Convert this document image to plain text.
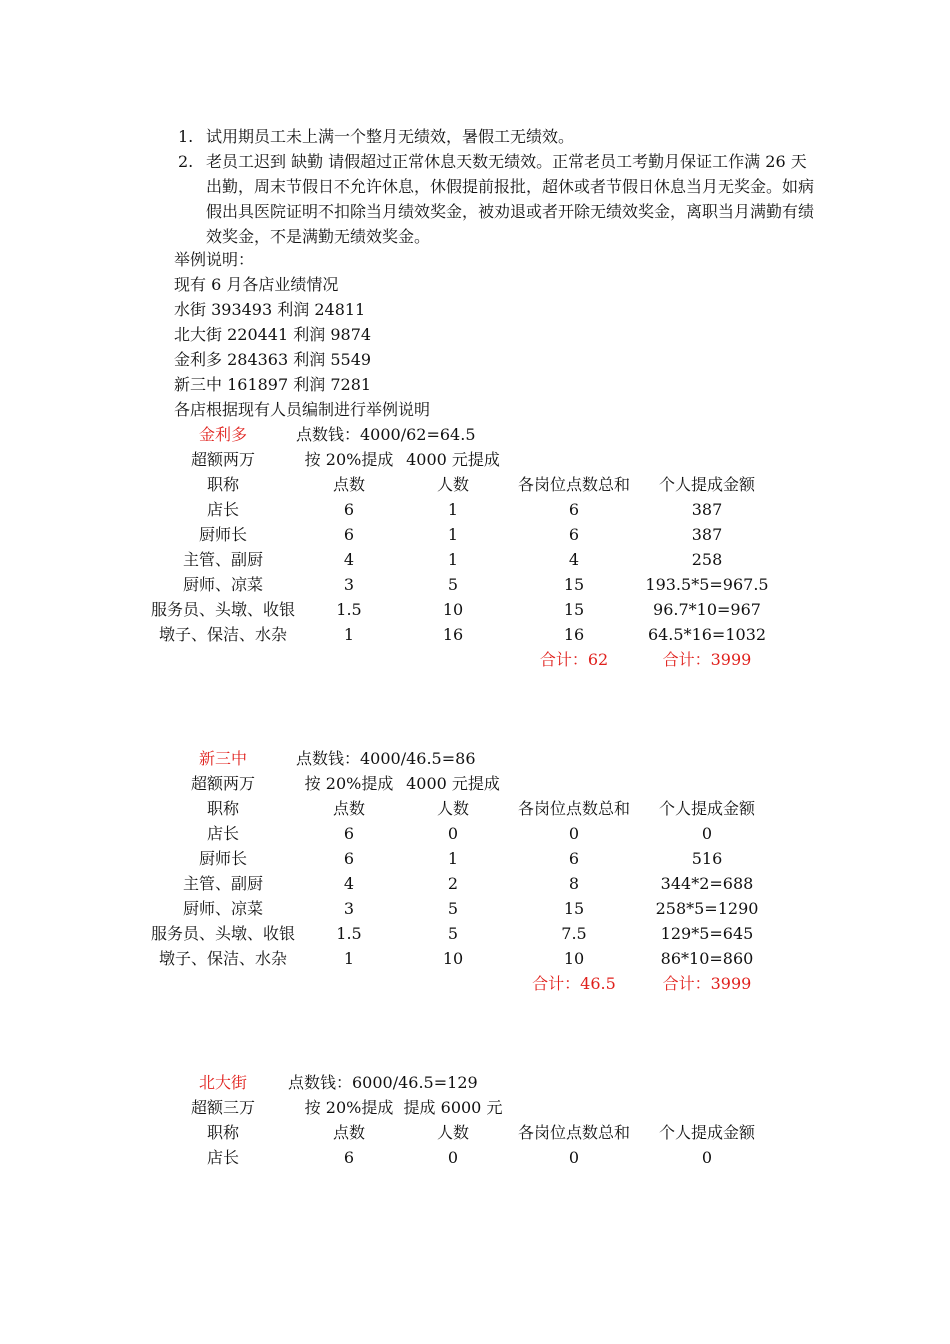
1. 试用期员工未上满一个整月无绩效，暑假工无绩效。
2. 老员工迟到 缺勤 请假超过正常休息天数无绩效。正常老员工考勤月保证工作满 26 天出勤，周末节假日不允许休息，休假提前报批，超休或者节假日休息当月无奖金。如病假出具医院证明不扣除当月绩效奖金，被劝退或者开除无绩效奖金，离职当月满勤有绩效奖金，不是满勤无绩效奖金。
举例说明：
现有 6 月各店业绩情况
水街 393493 利润 24811
北大街 220441 利润 9874
金利多 284363 利润 5549
新三中 161897 利润 7281
各店根据现有人员编制进行举例说明
金利多	点数钱：4000/62=64.5			
超额两万	按 20%提成	4000 元提成		
职称	点数	人数	各岗位点数总和	个人提成金额
店长	6	1	6	387
厨师长	6	1	6	387
主管、副厨	4	1	4	258
厨师、凉菜	3	5	15	193.5*5=967.5
服务员、头墩、收银	1.5	10	15	96.7*10=967
墩子、保洁、水杂	1	16	16	64.5*16=1032
			合计：62	合计：3999
新三中	点数钱：4000/46.5=86			
超额两万	按 20%提成	4000 元提成		
职称	点数	人数	各岗位点数总和	个人提成金额
店长	6	0	0	0
厨师长	6	1	6	516
主管、副厨	4	2	8	344*2=688
厨师、凉菜	3	5	15	258*5=1290
服务员、头墩、收银	1.5	5	7.5	129*5=645
墩子、保洁、水杂	1	10	10	86*10=860
			合计：46.5	合计：3999
北大街	点数钱：6000/46.5=129			
超额三万	按 20%提成	提成 6000 元		
职称	点数	人数	各岗位点数总和	个人提成金额
店长	6	0	0	0
